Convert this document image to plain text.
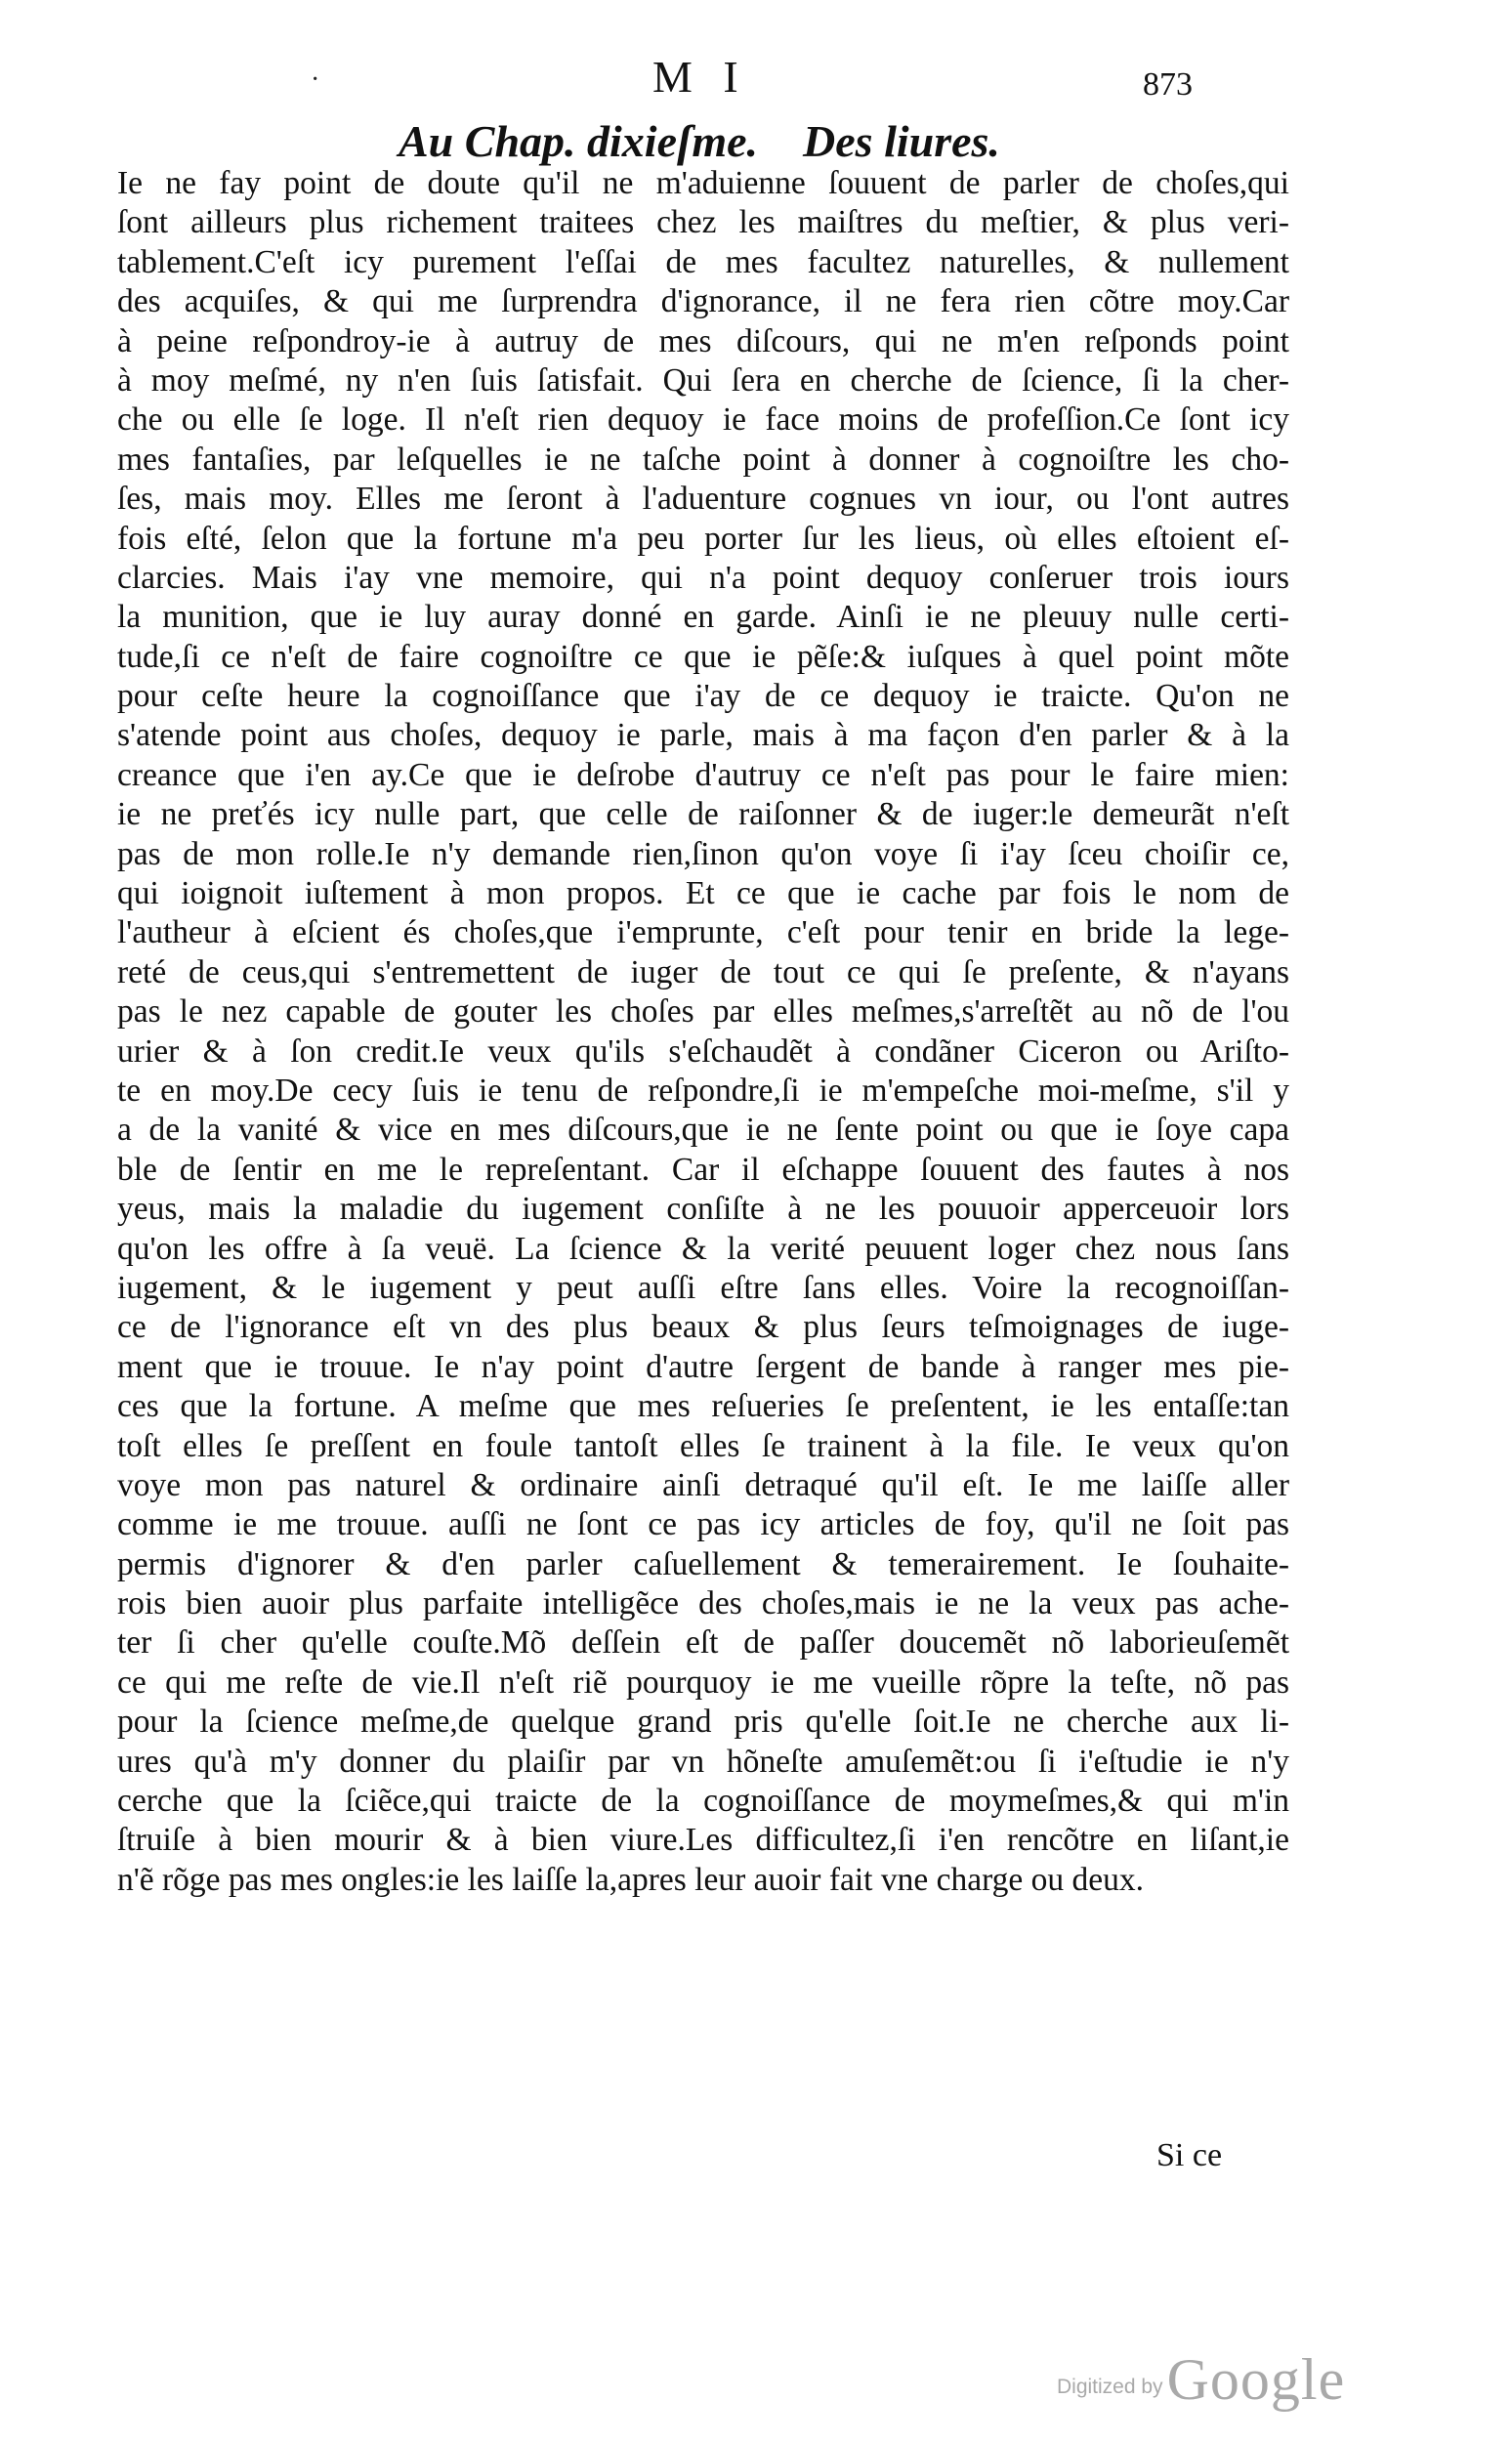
·	M I	873
Au Chap. dixieſme. Des liures.
Ie ne fay point de doute qu'il ne m'aduienne ſouuent de parler de choſes,qui
ſont ailleurs plus richement traitees chez les maiſtres du meſtier, & plus veri-
tablement.C'eſt icy purement l'eſſai de mes facultez naturelles, & nullement
des acquiſes, & qui me ſurprendra d'ignorance, il ne fera rien cõtre moy.Car
à peine reſpondroy-ie à autruy de mes diſcours, qui ne m'en reſponds point
à moy meſmé, ny n'en ſuis ſatisfait. Qui ſera en cherche de ſcience, ſi la cher-
che ou elle ſe loge. Il n'eſt rien dequoy ie face moins de profeſſion.Ce ſont icy
mes fantaſies, par leſquelles ie ne taſche point à donner à cognoiſtre les cho-
ſes, mais moy. Elles me ſeront à l'aduenture cognues vn iour, ou l'ont autres
fois eſté, ſelon que la fortune m'a peu porter ſur les lieus, où elles eſtoient eſ-
clarcies. Mais i'ay vne memoire, qui n'a point dequoy conſeruer trois iours
la munition, que ie luy auray donné en garde. Ainſi ie ne pleuuy nulle certi-
tude,ſi ce n'eſt de faire cognoiſtre ce que ie pẽſe:& iuſques à quel point mõte
pour ceſte heure la cognoiſſance que i'ay de ce dequoy ie traicte. Qu'on ne
s'atende point aus choſes, dequoy ie parle, mais à ma façon d'en parler & à la
creance que i'en ay.Ce que ie deſrobe d'autruy ce n'eſt pas pour le faire mien:
ie ne preťés icy nulle part, que celle de raiſonner & de iuger:le demeurãt n'eſt
pas de mon rolle.Ie n'y demande rien,ſinon qu'on voye ſi i'ay ſceu choiſir ce,
qui ioignoit iuſtement à mon propos. Et ce que ie cache par fois le nom de
l'autheur à eſcient és choſes,que i'emprunte, c'eſt pour tenir en bride la lege-
reté de ceus,qui s'entremettent de iuger de tout ce qui ſe preſente, & n'ayans
pas le nez capable de gouter les choſes par elles meſmes,s'arreſtẽt au nõ de l'ou
urier & à ſon credit.Ie veux qu'ils s'eſchaudẽt à condãner Ciceron ou Ariſto-
te en moy.De cecy ſuis ie tenu de reſpondre,ſi ie m'empeſche moi-meſme, s'il y
a de la vanité & vice en mes diſcours,que ie ne ſente point ou que ie ſoye capa
ble de ſentir en me le repreſentant. Car il eſchappe ſouuent des fautes à nos
yeus, mais la maladie du iugement conſiſte à ne les pouuoir apperceuoir lors
qu'on les offre à ſa veuë. La ſcience & la verité peuuent loger chez nous ſans
iugement, & le iugement y peut auſſi eſtre ſans elles. Voire la recognoiſſan-
ce de l'ignorance eſt vn des plus beaux & plus ſeurs teſmoignages de iuge-
ment que ie trouue. Ie n'ay point d'autre ſergent de bande à ranger mes pie-
ces que la fortune. A meſme que mes reſueries ſe preſentent, ie les entaſſe:tan
toſt elles ſe preſſent en foule tantoſt elles ſe trainent à la file. Ie veux qu'on
voye mon pas naturel & ordinaire ainſi detraqué qu'il eſt. Ie me laiſſe aller
comme ie me trouue. auſſi ne ſont ce pas icy articles de foy, qu'il ne ſoit pas
permis d'ignorer & d'en parler caſuellement & temerairement. Ie ſouhaite-
rois bien auoir plus parfaite intelligẽce des choſes,mais ie ne la veux pas ache-
ter ſi cher qu'elle couſte.Mõ deſſein eſt de paſſer doucemẽt nõ laborieuſemẽt
ce qui me reſte de vie.Il n'eſt riẽ pourquoy ie me vueille rõpre la teſte, nõ pas
pour la ſcience meſme,de quelque grand pris qu'elle ſoit.Ie ne cherche aux li-
ures qu'à m'y donner du plaiſir par vn hõneſte amuſemẽt:ou ſi i'eſtudie ie n'y
cerche que la ſciẽce,qui traicte de la cognoiſſance de moymeſmes,& qui m'in
ſtruiſe à bien mourir & à bien viure.Les difficultez,ſi i'en rencõtre en liſant,ie
n'ẽ rõge pas mes ongles:ie les laiſſe la,apres leur auoir fait vne charge ou deux.
Si ce
Digitized by Google
